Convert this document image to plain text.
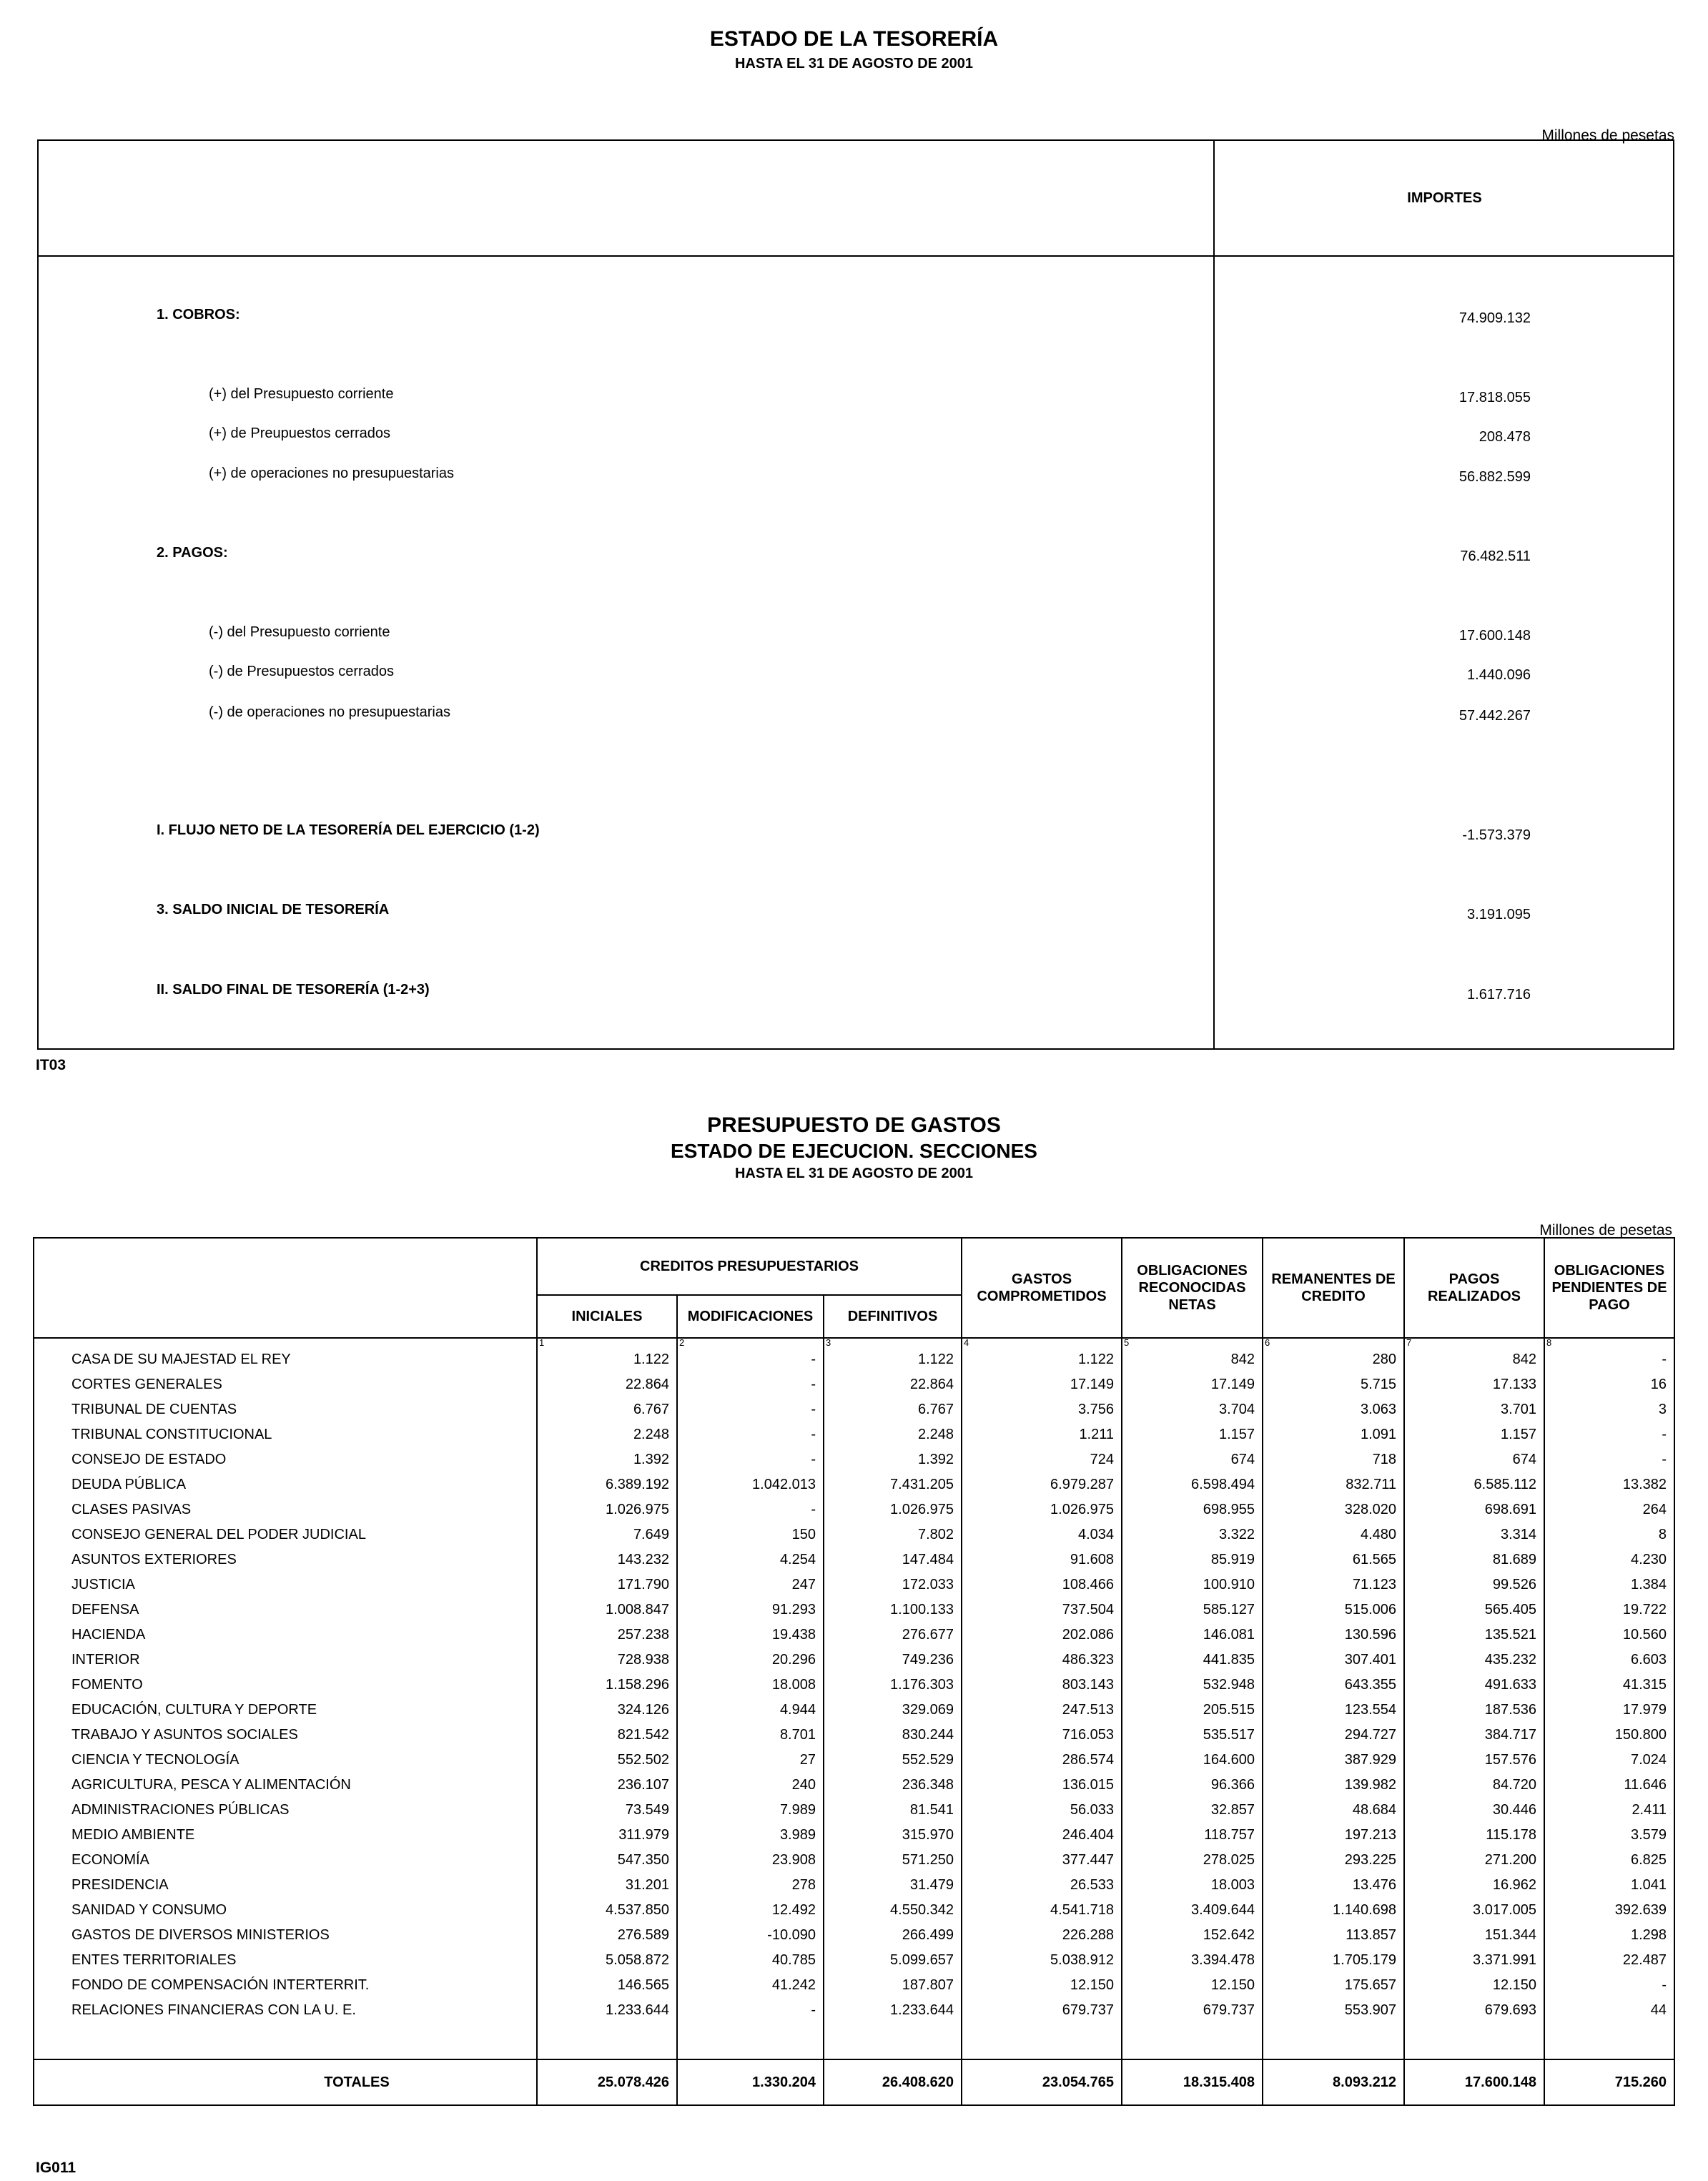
ESTADO DE LA TESORERÍA
HASTA EL 31 DE AGOSTO DE 2001
Millones de pesetas
IMPORTES
1. COBROS:	74.909.132
(+) del Presupuesto corriente	17.818.055
(+) de Preupuestos cerrados	208.478
(+) de operaciones no presupuestarias	56.882.599
2. PAGOS:	76.482.511
(-) del Presupuesto corriente	17.600.148
(-) de Presupuestos cerrados	1.440.096
(-) de operaciones no presupuestarias	57.442.267
I. FLUJO NETO DE LA TESORERÍA DEL EJERCICIO (1-2)	-1.573.379
3. SALDO INICIAL DE TESORERÍA	3.191.095
II. SALDO FINAL DE TESORERÍA (1-2+3)	1.617.716
IT03
PRESUPUESTO DE GASTOS
ESTADO DE EJECUCION. SECCIONES
HASTA EL 31 DE AGOSTO DE 2001
Millones de pesetas
	CREDITOS PRESUPUESTARIOS			GASTOS COMPROMETIDOS	OBLIGACIONES RECONOCIDAS NETAS	REMANENTES DE CREDITO	PAGOS REALIZADOS	OBLIGACIONES PENDIENTES DE PAGO
	INICIALES	MODIFICACIONES	DEFINITIVOS					
	1	2	3	4	5	6	7	8
CASA DE SU MAJESTAD EL REY	1.122	-	1.122	1.122	842	280	842	-
CORTES GENERALES	22.864	-	22.864	17.149	17.149	5.715	17.133	16
TRIBUNAL DE CUENTAS	6.767	-	6.767	3.756	3.704	3.063	3.701	3
TRIBUNAL CONSTITUCIONAL	2.248	-	2.248	1.211	1.157	1.091	1.157	-
CONSEJO DE ESTADO	1.392	-	1.392	724	674	718	674	-
DEUDA PÚBLICA	6.389.192	1.042.013	7.431.205	6.979.287	6.598.494	832.711	6.585.112	13.382
CLASES PASIVAS	1.026.975	-	1.026.975	1.026.975	698.955	328.020	698.691	264
CONSEJO GENERAL DEL PODER JUDICIAL	7.649	150	7.802	4.034	3.322	4.480	3.314	8
ASUNTOS EXTERIORES	143.232	4.254	147.484	91.608	85.919	61.565	81.689	4.230
JUSTICIA	171.790	247	172.033	108.466	100.910	71.123	99.526	1.384
DEFENSA	1.008.847	91.293	1.100.133	737.504	585.127	515.006	565.405	19.722
HACIENDA	257.238	19.438	276.677	202.086	146.081	130.596	135.521	10.560
INTERIOR	728.938	20.296	749.236	486.323	441.835	307.401	435.232	6.603
FOMENTO	1.158.296	18.008	1.176.303	803.143	532.948	643.355	491.633	41.315
EDUCACIÓN, CULTURA Y DEPORTE	324.126	4.944	329.069	247.513	205.515	123.554	187.536	17.979
TRABAJO Y ASUNTOS SOCIALES	821.542	8.701	830.244	716.053	535.517	294.727	384.717	150.800
CIENCIA Y TECNOLOGÍA	552.502	27	552.529	286.574	164.600	387.929	157.576	7.024
AGRICULTURA, PESCA Y ALIMENTACIÓN	236.107	240	236.348	136.015	96.366	139.982	84.720	11.646
ADMINISTRACIONES PÚBLICAS	73.549	7.989	81.541	56.033	32.857	48.684	30.446	2.411
MEDIO AMBIENTE	311.979	3.989	315.970	246.404	118.757	197.213	115.178	3.579
ECONOMÍA	547.350	23.908	571.250	377.447	278.025	293.225	271.200	6.825
PRESIDENCIA	31.201	278	31.479	26.533	18.003	13.476	16.962	1.041
SANIDAD Y CONSUMO	4.537.850	12.492	4.550.342	4.541.718	3.409.644	1.140.698	3.017.005	392.639
GASTOS DE DIVERSOS MINISTERIOS	276.589	-10.090	266.499	226.288	152.642	113.857	151.344	1.298
ENTES TERRITORIALES	5.058.872	40.785	5.099.657	5.038.912	3.394.478	1.705.179	3.371.991	22.487
FONDO DE COMPENSACIÓN INTERTERRIT.	146.565	41.242	187.807	12.150	12.150	175.657	12.150	-
RELACIONES FINANCIERAS CON LA U. E.	1.233.644	-	1.233.644	679.737	679.737	553.907	679.693	44

TOTALES	25.078.426	1.330.204	26.408.620	23.054.765	18.315.408	8.093.212	17.600.148	715.260
IG011
